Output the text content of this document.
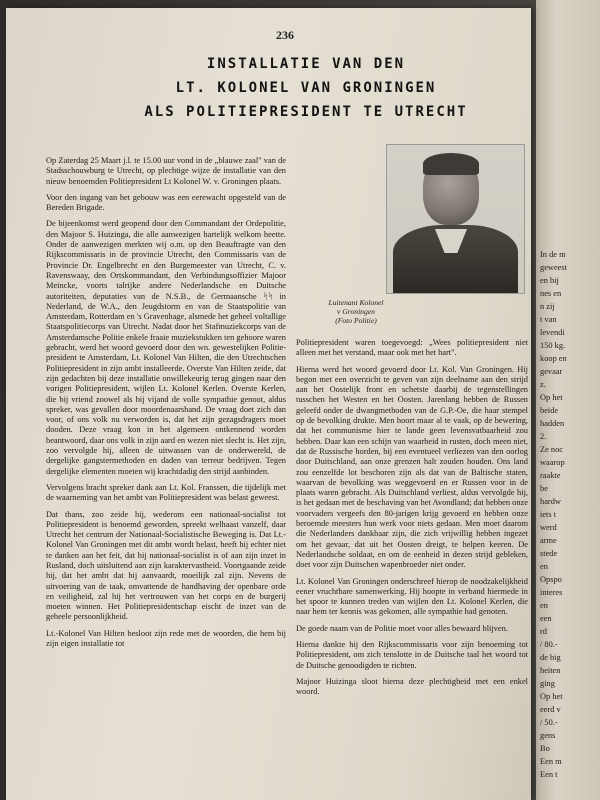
In de m
geweest
en bij
nes en
n zij
t van
levendi
150 kg.
koop en
gevaar
z.
Op het
beide
hadden
2.
Ze noc
waarop
raakte
be
hardw
iets t
werd
arme
stede
en
Opspo
interes
en
een
rd
/ 80.-
de big
heiten
ging
Op het
eerd v
/ 50.-
gens
Bo
Een m
Een t
236
INSTALLATIE VAN DEN
LT. KOLONEL VAN GRONINGEN
ALS POLITIEPRESIDENT TE UTRECHT
Luitenant Kolonel
v Groningen
(Foto Politie)

Op Zaterdag 25 Maart j.l. te 15.00 uur vond in de „blauwe zaal" van de Stadsschouwburg te Utrecht, op plechtige wijze de installatie van den nieuw benoemden Politiepresident Lt Kolonel W. v. Groningen plaats.

Voor den ingang van het gebouw was een eerewacht opgesteld van de Bereden Brigade.

De bijeenkomst werd geopend door den Commandant der Ordepolitie, den Majoor S. Huizinga, die alle aanwezigen hartelijk welkom heette. Onder de aanwezigen merkten wij o.m. op den Beauftragte van den Rijkscommissaris in de provincie Utrecht, den Commissaris van de Provincie Dr. Engelbrecht en den Burgemeester van Utrecht, C. v. Ravenswaay, den Ortskommandant, den Verbindungsoffizier Majoor Meincke, voorts talrijke andere Nederlandsche en Duitsche autoriteiten, deputaties van de N.S.B., de Germaansche ᛋᛋ in Nederland, de W.A., den Jeugdstorm en van de Staatspolitie van Amsterdam, Rotterdam en 's Gravenhage, alsmede het geheel voltallige Staatspolitiecorps van Utrecht. Nadat door het Stafmuziekcorps van de Amsterdamsche Politie enkele fraaie muziekstukken ten gehoore waren gebracht, werd het woord gevoerd door den wn. gewestelijken Politie-president te Amsterdam, Lt. Kolonel Van Hilten, die den Utrechtschen Politiepresident in zijn ambt installeerde. Overste Van Hilten zeide, dat zijn gedachten bij deze installatie onwillekeurig terug gingen naar den vorigen Politiepresident, wijlen Lt. Kolonel Kerlen. Overste Kerlen, die bij vriend zoowel als bij vijand de volle sympathie genoot, aldus spreker, was gevallen door moordenaarshand. De vraag doet zich dan voor, of ons volk nu verworden is, dat het zijn gezagsdragers moet dooden. Deze vraag kon in het algemeen ontkennend worden beantwoord, daar ons volk in zijn aard en wezen niet slecht is. Het zijn, zoo vervolgde hij, alleen de uitwassen van de onderwereld, de dergelijke gangstermethoden en daden van terreur bedrijven. Tegen dergelijke elementen moeten wij krachtdadig den strijd aanbinden.

Vervolgens bracht spreker dank aan Lt. Kol. Franssen, die tijdelijk met de waarneming van het ambt van Politiepresident was belast geweest.

Dat thans, zoo zeide hij, wederom een nationaal-socialist tot Politiepresident is benoemd geworden, spreekt welhaast vanzelf, daar Utrecht het centrum der Nationaal-Socialistische Beweging is. Dat Lt.-Kolonel Van Groningen met dit ambt wordt belast, heeft hij echter niet te danken aan het feit, dat hij nationaal-socialist is of aan zijn inzet in Rusland, doch uitsluitend aan zijn karaktervastheid. Voortgaande zeide hij, dat het ambt dat hij aanvaardt, moeilijk zal zijn. Nevens de uitvoering van de taak, omvattende de handhaving der openbare orde en veiligheid, zal hij het vertrouwen van het corps en de burgerij moeten winnen. Het Politiepresidentschap eischt de inzet van de geheele persoonlijkheid.

Lt.-Kolonel Van Hilten besloot zijn rede met de woorden, die hem bij zijn eigen installatie tot

Politiepresident waren toegevoegd: „Wees politiepresident niet alleen met het verstand, maar ook met het hart".

Hierna werd het woord gevoerd door Lt. Kol. Van Groningen. Hij begon met een overzicht te geven van zijn deelname aan den strijd aan het Oostelijk front en schetste daarbij de tegenstellingen tusschen het Westen en het Oosten. Jarenlang hebben de Russen geleefd onder de dwangmethoden van de G.P.-Oe, die haar stempel op de bevolking drukte. Men hoort maar al te vaak, op de bewering, dat het communisme hier te lande geen levensvatbaarheid zou hebben. Daar kan een schijn van waarheid in rusten, doch meen niet, dat de Russische horden, bij een eventueel verliezen van den oorlog door Duitschland, aan onze grenzen halt zouden houden. Ons land zou eenzelfde lot beschoren zijn als dat van de Baltische staten, waarvan de bevolking was weggevoerd en er Russen voor in de plaats waren gebracht. Als Duitschland verliest, aldus vervolgde hij, is het gedaan met de beschaving van het Avondland; dat hebben onze voorvaders vergeefs den 80-jarigen krijg gevoerd en hebben onze beroemde meesters hun werk voor niets gedaan. Men moet daarom die Nederlanders dankbaar zijn, die zich vrijwillig hebben ingezet om het gevaar, dat uit het Oosten dreigt, te helpen keeren. De Nederlandsche soldaat, en om de eenheid in dezen strijd gebleken, doet voor zijn Duitschen wapenbroeder niet onder.

Lt. Kolonel Van Groningen onderschreef hierop de noodzakelijkheid eener vruchtbare samenwerking. Hij hoopte in verband hiermede in het spoor te kunnen treden van wijlen den Lt. Kolonel Kerlen, die naar hem ter kennis was gekomen, alle sympathie had genoten.

De goede naam van de Politie moet voor alles bewaard blijven.

Hierna dankte hij den Rijkscommissaris voor zijn benoeming tot Politiepresident, om zich tenslotte in de Duitsche taal het woord tot de Duitsche genoodigden te richten.

Majoor Huizinga sloot hierna deze plechtigheid met een enkel woord.
